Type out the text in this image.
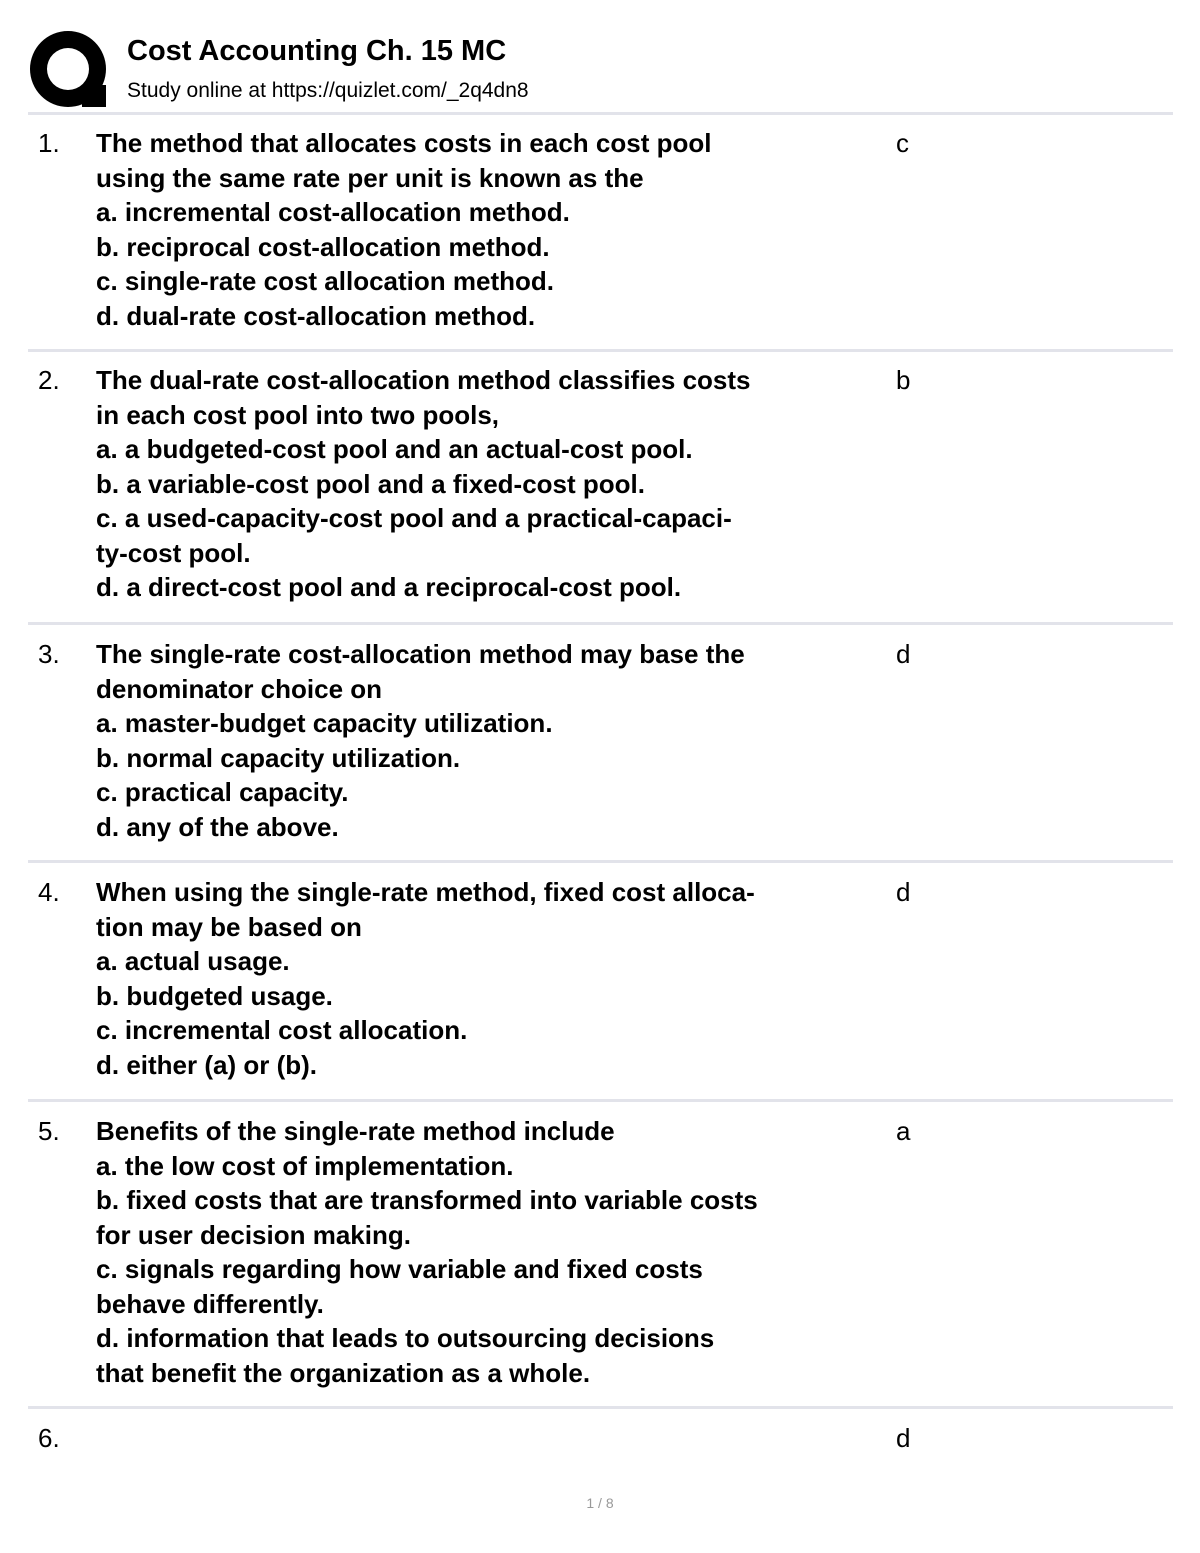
Cost Accounting Ch. 15 MC
Study online at https://quizlet.com/_2q4dn8
1. The method that allocates costs in each cost pool
using the same rate per unit is known as the
a. incremental cost-allocation method.
b. reciprocal cost-allocation method.
c. single-rate cost allocation method.
d. dual-rate cost-allocation method.
c
2. The dual-rate cost-allocation method classifies costs
in each cost pool into two pools,
a. a budgeted-cost pool and an actual-cost pool.
b. a variable-cost pool and a fixed-cost pool.
c. a used-capacity-cost pool and a practical-capaci-
ty-cost pool.
d. a direct-cost pool and a reciprocal-cost pool.
b
3. The single-rate cost-allocation method may base the
denominator choice on
a. master-budget capacity utilization.
b. normal capacity utilization.
c. practical capacity.
d. any of the above.
d
4. When using the single-rate method, fixed cost alloca-
tion may be based on
a. actual usage.
b. budgeted usage.
c. incremental cost allocation.
d. either (a) or (b).
d
5. Benefits of the single-rate method include
a. the low cost of implementation.
b. fixed costs that are transformed into variable costs
for user decision making.
c. signals regarding how variable and fixed costs
behave differently.
d. information that leads to outsourcing decisions
that benefit the organization as a whole.
a
6.	d
1 / 8
